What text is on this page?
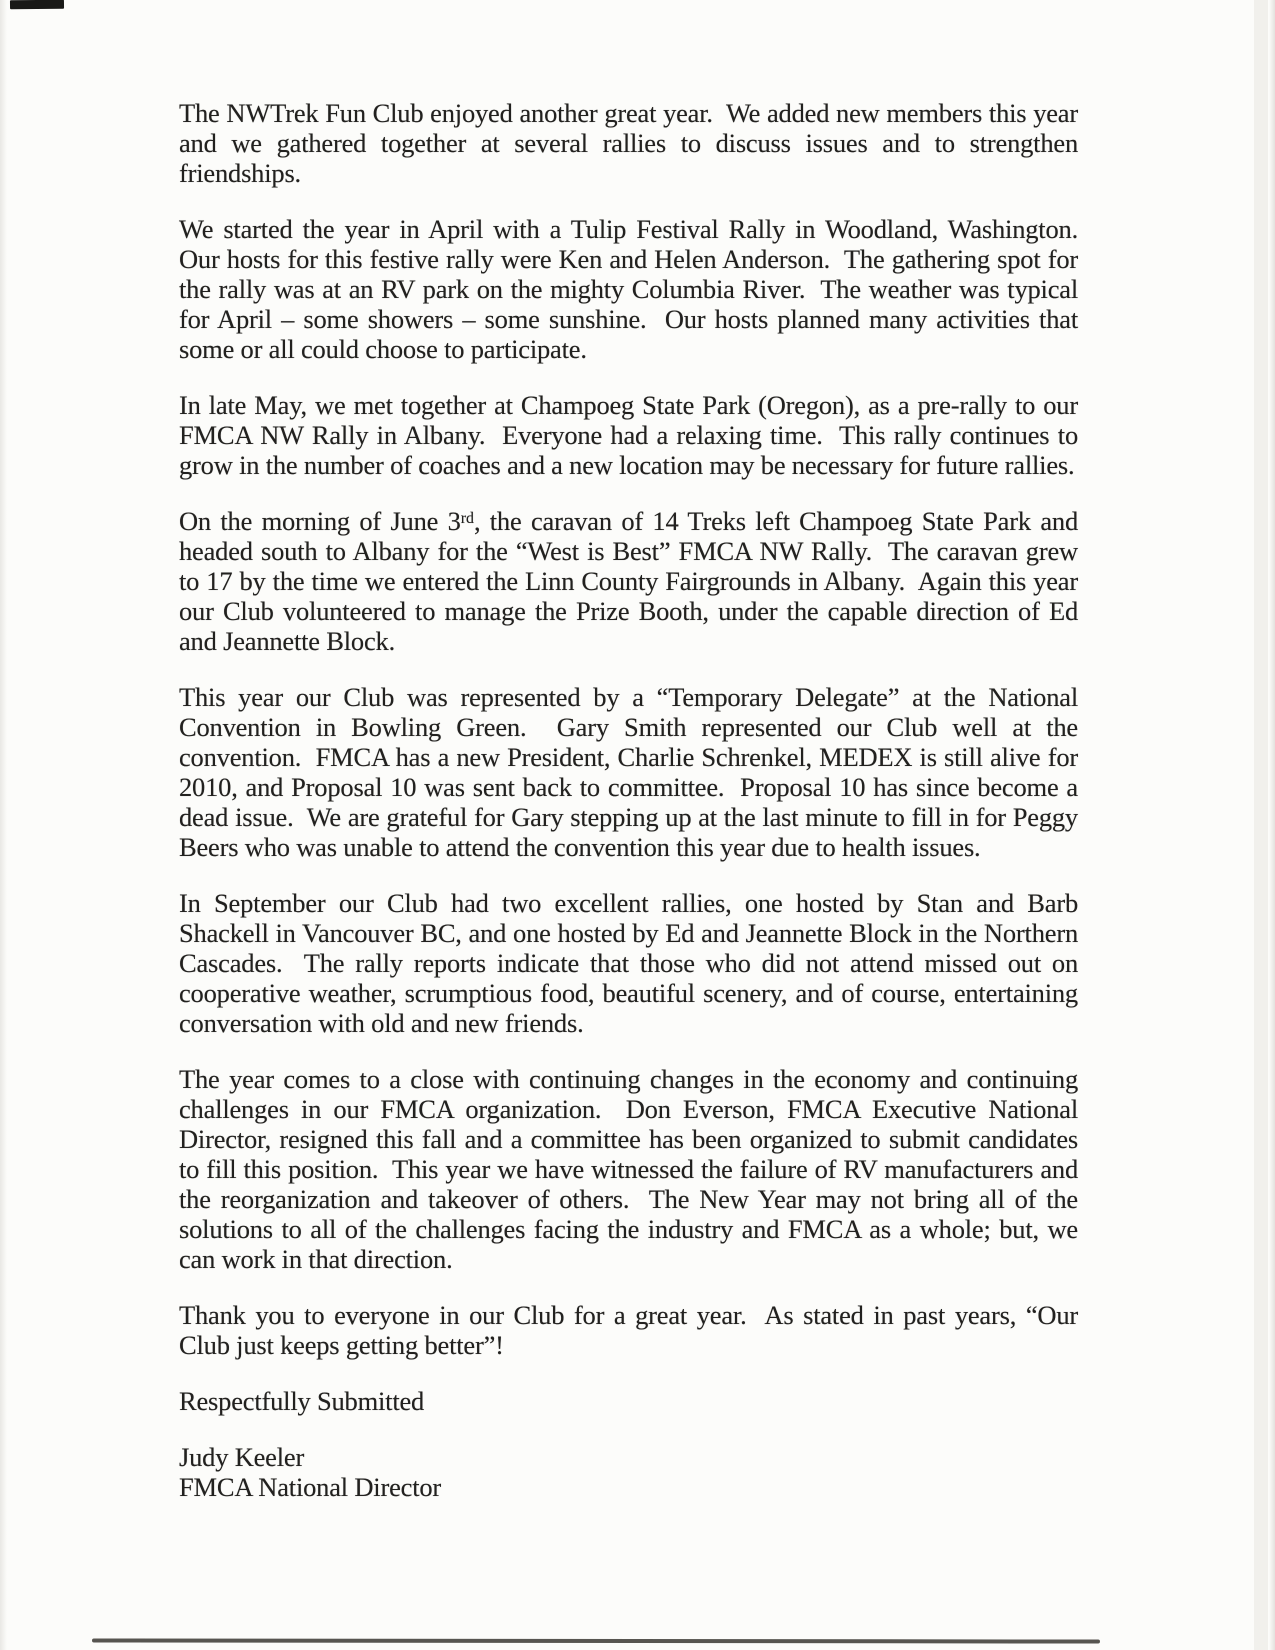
The NWTrek Fun Club enjoyed another great year.  We added new members this year and we gathered together at several rallies to discuss issues and to strengthen friendships.

We started the year in April with a Tulip Festival Rally in Woodland, Washington.  Our hosts for this festive rally were Ken and Helen Anderson.  The gathering spot for the rally was at an RV park on the mighty Columbia River.  The weather was typical for April – some showers – some sunshine.  Our hosts planned many activities that some or all could choose to participate.

In late May, we met together at Champoeg State Park (Oregon), as a pre-rally to our FMCA NW Rally in Albany.  Everyone had a relaxing time.  This rally continues to grow in the number of coaches and a new location may be necessary for future rallies.

On the morning of June 3rd, the caravan of 14 Treks left Champoeg State Park and headed south to Albany for the “West is Best” FMCA NW Rally.  The caravan grew to 17 by the time we entered the Linn County Fairgrounds in Albany.  Again this year our Club volunteered to manage the Prize Booth, under the capable direction of Ed and Jeannette Block.

This year our Club was represented by a “Temporary Delegate” at the National Convention in Bowling Green.  Gary Smith represented our Club well at the convention.  FMCA has a new President, Charlie Schrenkel, MEDEX is still alive for 2010, and Proposal 10 was sent back to committee.  Proposal 10 has since become a dead issue.  We are grateful for Gary stepping up at the last minute to fill in for Peggy Beers who was unable to attend the convention this year due to health issues.

In September our Club had two excellent rallies, one hosted by Stan and Barb Shackell in Vancouver BC, and one hosted by Ed and Jeannette Block in the Northern Cascades.  The rally reports indicate that those who did not attend missed out on cooperative weather, scrumptious food, beautiful scenery, and of course, entertaining conversation with old and new friends.

The year comes to a close with continuing changes in the economy and continuing challenges in our FMCA organization.  Don Everson, FMCA Executive National Director, resigned this fall and a committee has been organized to submit candidates to fill this position.  This year we have witnessed the failure of RV manufacturers and the reorganization and takeover of others.  The New Year may not bring all of the solutions to all of the challenges facing the industry and FMCA as a whole; but, we can work in that direction.

Thank you to everyone in our Club for a great year.  As stated in past years, “Our Club just keeps getting better”!

Respectfully Submitted

Judy Keeler
FMCA National Director
